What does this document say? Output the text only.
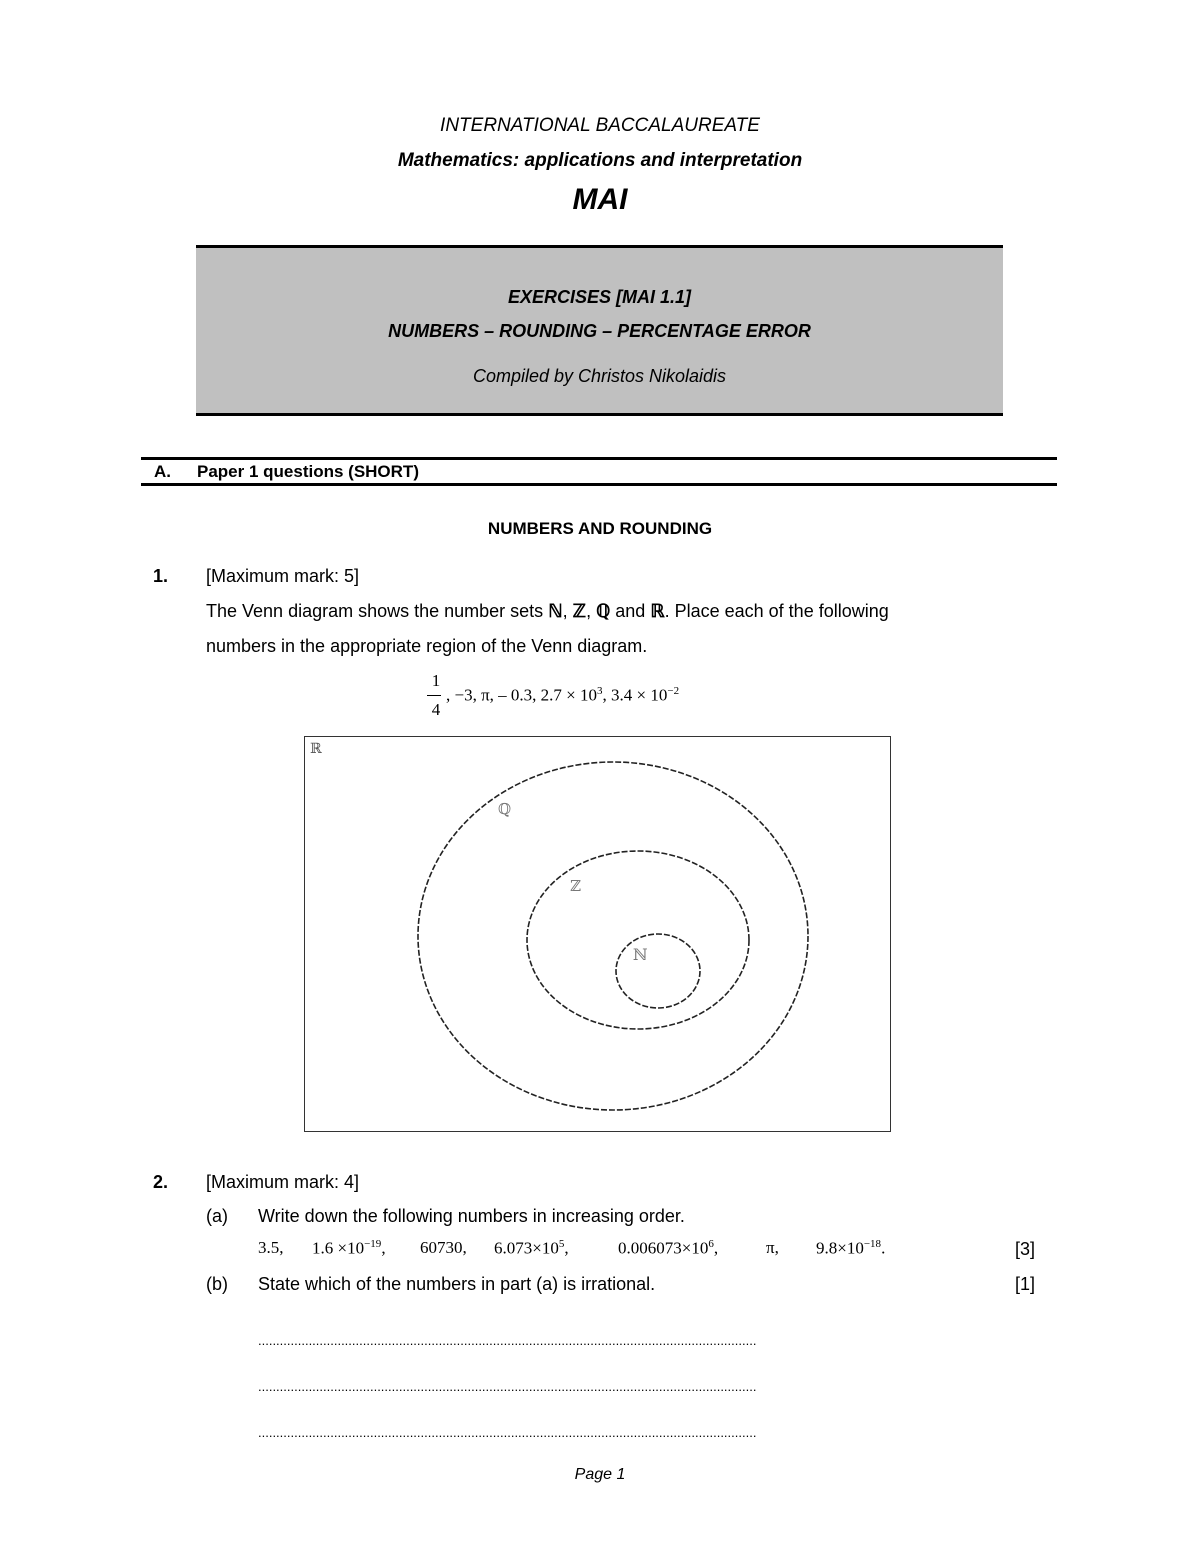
INTERNATIONAL BACCALAUREATE
Mathematics: applications and interpretation
MAI
EXERCISES [MAI 1.1]
NUMBERS – ROUNDING – PERCENTAGE ERROR
Compiled by Christos Nikolaidis
A. Paper 1 questions (SHORT)
NUMBERS AND ROUNDING
1. [Maximum mark: 5]
The Venn diagram shows the number sets ℕ, ℤ, ℚ and ℝ. Place each of the following
numbers in the appropriate region of the Venn diagram.
1
4
, −3, π, – 0.3, $2.7 \times 10^3$, $3.4 \times 10^{-2}$
ℝ
ℚ
ℤ
ℕ
2. [Maximum mark: 4]
(a) Write down the following numbers in increasing order.
3.5, $1.6 \times 10^{-19}$, 60730, $6.073\times 10^5$,	$0.006073\times 10^6$,	π, $9.8\times 10^{-18}$.	[3]
(b) State which of the numbers in part (a) is irrational.	[1]
..........................................................................................................................................
..........................................................................................................................................
..........................................................................................................................................
Page 1
